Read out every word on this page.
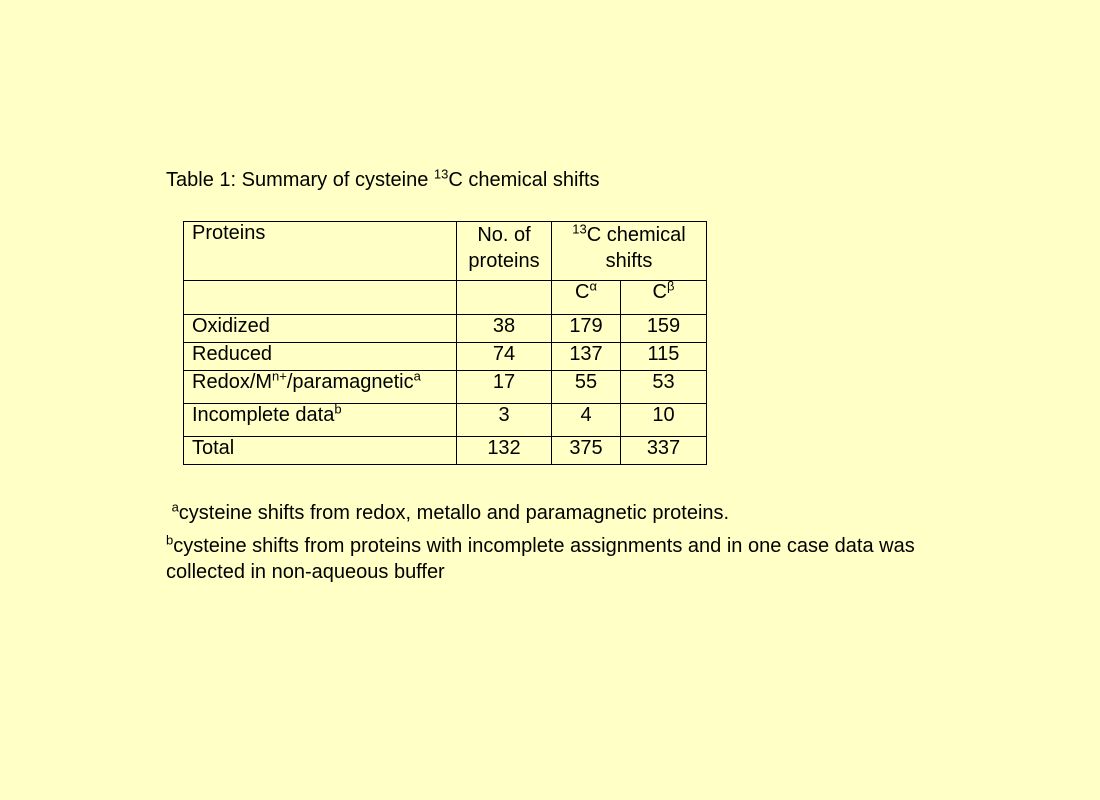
Table 1: Summary of cysteine $^{13}$C chemical shifts
Proteins	No. of proteins	$^{13}$C chemical shifts	

		$C^\alpha$	$C^\beta$
Oxidized	38	179	159
Reduced	74	137	115
Redox/$M^{n+}/paramagnetic^a$	17	55	53
Incomplete data$^b$	3	4	10
Total	132	375	337
$^a$cysteine shifts from redox, metallo and paramagnetic proteins.
$^b$cysteine shifts from proteins with incomplete assignments and in one case data was collected in non-aqueous buffer
